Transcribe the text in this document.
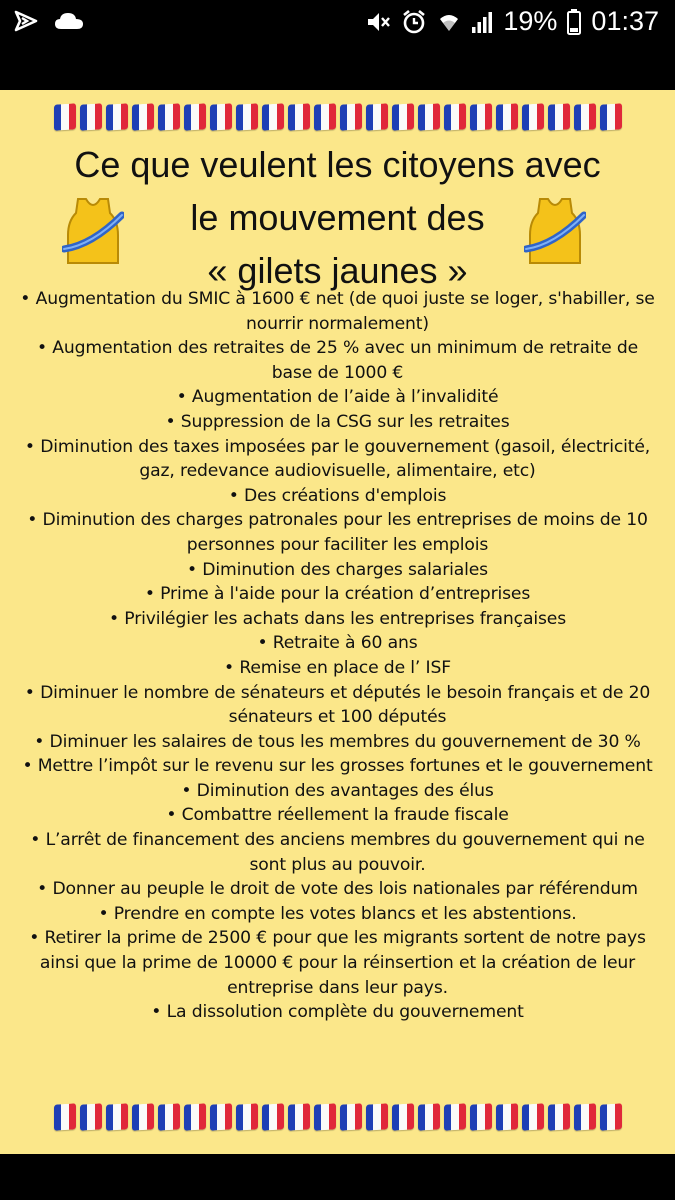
19% 01:37
Ce que veulent les citoyens avec
le mouvement des
« gilets jaunes »

• Augmentation du SMIC à 1600 € net (de quoi juste se loger, s'habiller, se nourrir normalement)

• Augmentation des retraites de 25 % avec un minimum de retraite de base de 1000 €

• Augmentation de l’aide à l’invalidité

• Suppression de la CSG sur les retraites

• Diminution des taxes imposées par le gouvernement (gasoil, électricité, gaz, redevance audiovisuelle, alimentaire, etc)

• Des créations d'emplois

• Diminution des charges patronales pour les entreprises de moins de 10 personnes pour faciliter les emplois

• Diminution des charges salariales

• Prime à l'aide pour la création d’entreprises

• Privilégier les achats dans les entreprises françaises

• Retraite à 60 ans

• Remise en place de l’ ISF

• Diminuer le nombre de sénateurs et députés le besoin français et de 20 sénateurs et 100 députés

• Diminuer les salaires de tous les membres du gouvernement de 30 %

• Mettre l’impôt sur le revenu sur les grosses fortunes et le gouvernement

• Diminution des avantages des élus

• Combattre réellement la fraude fiscale

• L’arrêt de financement des anciens membres du gouvernement qui ne sont plus au pouvoir.

• Donner au peuple le droit de vote des lois nationales par référendum

• Prendre en compte les votes blancs et les abstentions.

• Retirer la prime de 2500 € pour que les migrants sortent de notre pays ainsi que la prime de 10000 € pour la réinsertion et la création de leur entreprise dans leur pays.

• La dissolution complète du gouvernement
